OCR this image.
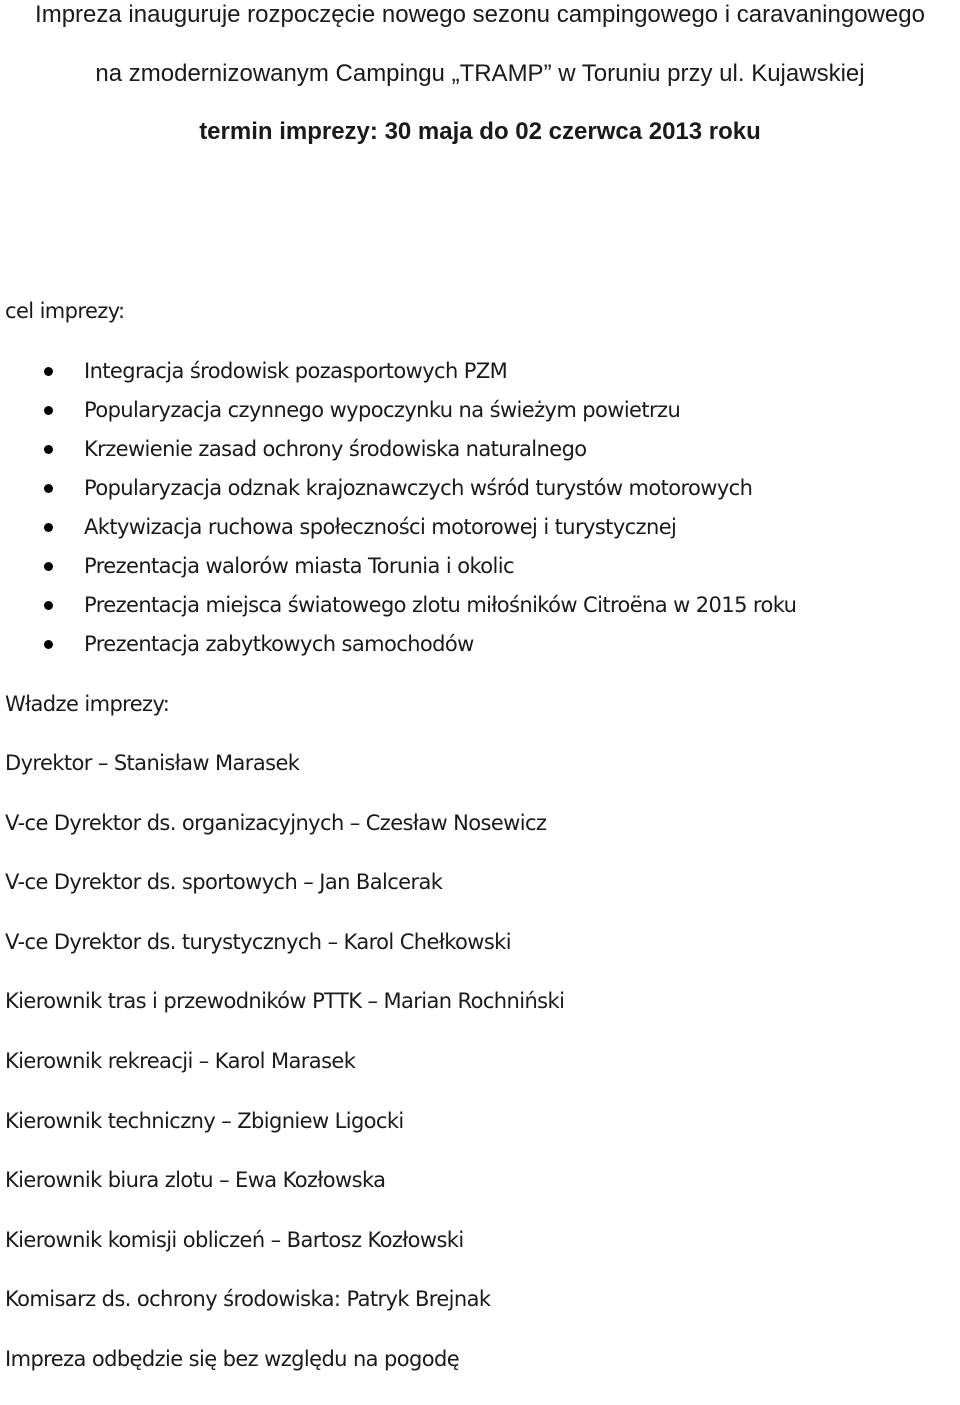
Impreza inauguruje rozpoczęcie nowego sezonu campingowego i caravaningowego
na zmodernizowanym Campingu „TRAMP” w Toruniu przy ul. Kujawskiej
termin imprezy: 30 maja do 02 czerwca 2013 roku
cel imprezy:
Integracja środowisk pozasportowych PZM
Popularyzacja czynnego wypoczynku na świeżym powietrzu
Krzewienie zasad ochrony środowiska naturalnego
Popularyzacja odznak krajoznawczych wśród turystów motorowych
Aktywizacja ruchowa społeczności motorowej i turystycznej
Prezentacja walorów miasta Torunia i okolic
Prezentacja miejsca światowego zlotu miłośników Citroëna w 2015 roku
Prezentacja zabytkowych samochodów
Władze imprezy:
Dyrektor – Stanisław Marasek
V-ce Dyrektor ds. organizacyjnych – Czesław Nosewicz
V-ce Dyrektor ds. sportowych – Jan Balcerak
V-ce Dyrektor ds. turystycznych – Karol Chełkowski
Kierownik tras i przewodników PTTK – Marian Rochniński
Kierownik rekreacji – Karol Marasek
Kierownik techniczny – Zbigniew Ligocki
Kierownik biura zlotu – Ewa Kozłowska
Kierownik komisji obliczeń – Bartosz Kozłowski
Komisarz ds. ochrony środowiska: Patryk Brejnak
Impreza odbędzie się bez względu na pogodę
